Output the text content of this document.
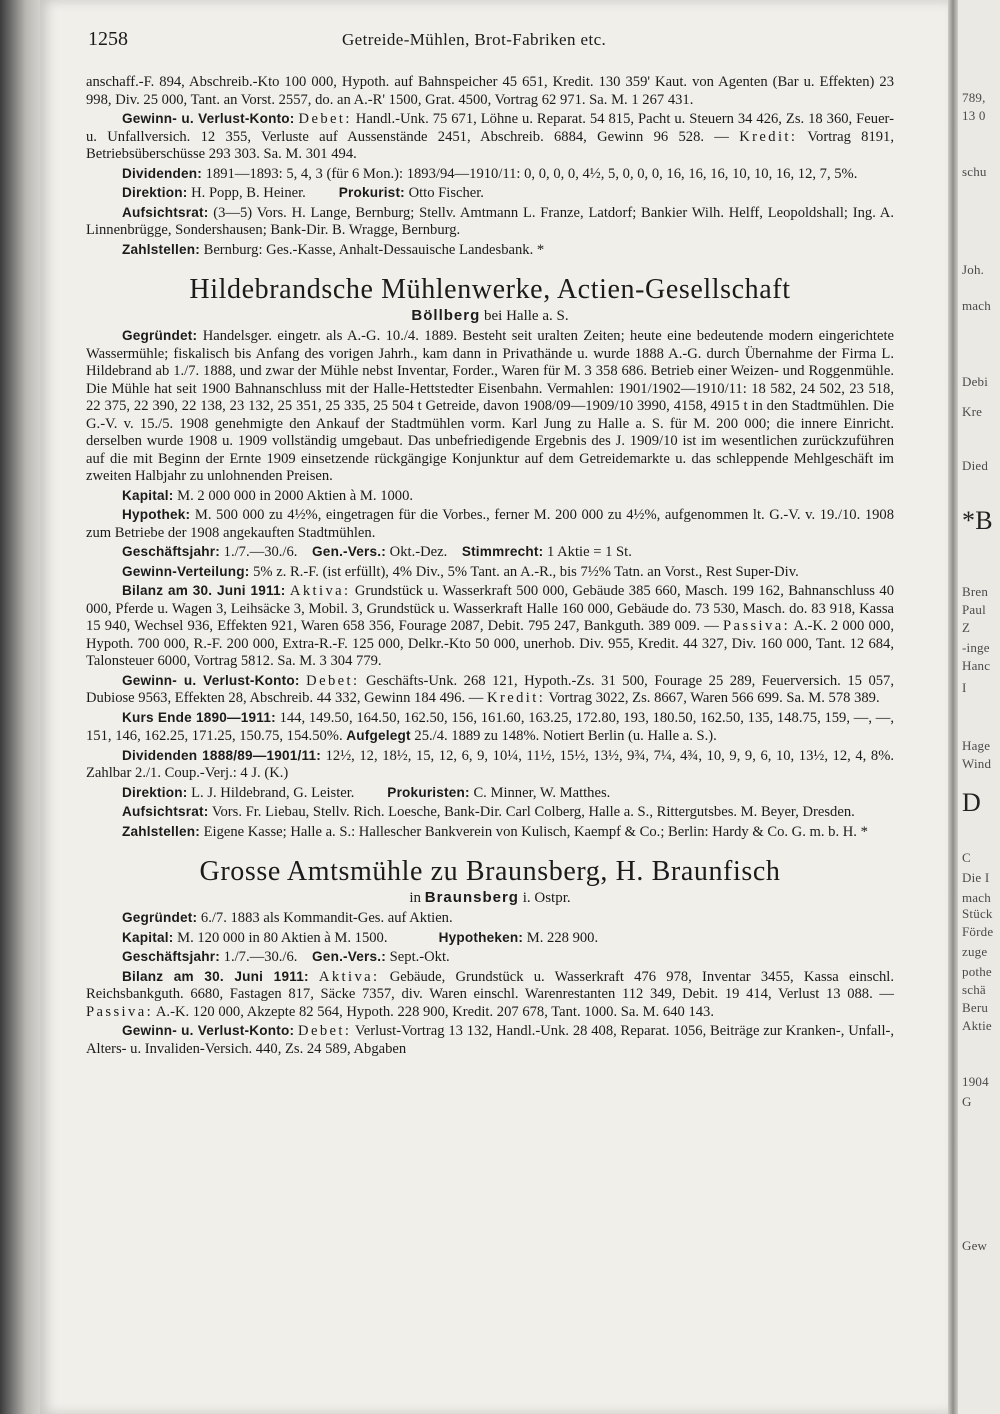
789,
13 0
schu
Joh.
mach
Debi
Kre
Died
*B
Bren
Paul
Z
-inge
Hanc
I
Hage
Wind
D
C
Die I
mach
Stück
Förde
zuge
pothe
schä
Beru
Aktie
1904
G
Gew
1258	Getreide-Mühlen, Brot-Fabriken etc.

anschaff.-F. 894, Abschreib.-Kto 100 000, Hypoth. auf Bahnspeicher 45 651, Kredit. 130 359' Kaut. von Agenten (Bar u. Effekten) 23 998, Div. 25 000, Tant. an Vorst. 2557, do. an A.-R' 1500, Grat. 4500, Vortrag 62 971. Sa. M. 1 267 431.

Gewinn- u. Verlust-Konto: Debet: Handl.-Unk. 75 671, Löhne u. Reparat. 54 815, Pacht u. Steuern 34 426, Zs. 18 360, Feuer- u. Unfallversich. 12 355, Verluste auf Aussenstände 2451, Abschreib. 6884, Gewinn 96 528. — Kredit: Vortrag 8191, Betriebsüberschüsse 293 303. Sa. M. 301 494.

Dividenden: 1891—1893: 5, 4, 3 (für 6 Mon.): 1893/94—1910/11: 0, 0, 0, 0, 4½, 5, 0, 0, 0, 16, 16, 16, 10, 10, 16, 12, 7, 5%.

Direktion: H. Popp, B. Heiner. Prokurist: Otto Fischer.

Aufsichtsrat: (3—5) Vors. H. Lange, Bernburg; Stellv. Amtmann L. Franze, Latdorf; Bankier Wilh. Helff, Leopoldshall; Ing. A. Linnenbrügge, Sondershausen; Bank-Dir. B. Wragge, Bernburg.

Zahlstellen: Bernburg: Ges.-Kasse, Anhalt-Dessauische Landesbank. *

Hildebrandsche Mühlenwerke, Actien-Gesellschaft
Böllberg bei Halle a. S.

Gegründet: Handelsger. eingetr. als A.-G. 10./4. 1889. Besteht seit uralten Zeiten; heute eine bedeutende modern eingerichtete Wassermühle; fiskalisch bis Anfang des vorigen Jahrh., kam dann in Privathände u. wurde 1888 A.-G. durch Übernahme der Firma L. Hildebrand ab 1./7. 1888, und zwar der Mühle nebst Inventar, Forder., Waren für M. 3 358 686. Betrieb einer Weizen- und Roggenmühle. Die Mühle hat seit 1900 Bahnanschluss mit der Halle-Hettstedter Eisenbahn. Vermahlen: 1901/1902—1910/11: 18 582, 24 502, 23 518, 22 375, 22 390, 22 138, 23 132, 25 351, 25 335, 25 504 t Getreide, davon 1908/09—1909/10 3990, 4158, 4915 t in den Stadtmühlen. Die G.-V. v. 15./5. 1908 genehmigte den Ankauf der Stadtmühlen vorm. Karl Jung zu Halle a. S. für M. 200 000; die innere Einricht. derselben wurde 1908 u. 1909 vollständig umgebaut. Das unbefriedigende Ergebnis des J. 1909/10 ist im wesentlichen zurückzuführen auf die mit Beginn der Ernte 1909 einsetzende rückgängige Konjunktur auf dem Getreidemarkte u. das schleppende Mehlgeschäft im zweiten Halbjahr zu unlohnenden Preisen.

Kapital: M. 2 000 000 in 2000 Aktien à M. 1000.

Hypothek: M. 500 000 zu 4½%, eingetragen für die Vorbes., ferner M. 200 000 zu 4½%, aufgenommen lt. G.-V. v. 19./10. 1908 zum Betriebe der 1908 angekauften Stadtmühlen.

Geschäftsjahr: 1./7.—30./6. Gen.-Vers.: Okt.-Dez. Stimmrecht: 1 Aktie = 1 St.

Gewinn-Verteilung: 5% z. R.-F. (ist erfüllt), 4% Div., 5% Tant. an A.-R., bis 7½% Tatn. an Vorst., Rest Super-Div.

Bilanz am 30. Juni 1911: Aktiva: Grundstück u. Wasserkraft 500 000, Gebäude 385 660, Masch. 199 162, Bahnanschluss 40 000, Pferde u. Wagen 3, Leihsäcke 3, Mobil. 3, Grundstück u. Wasserkraft Halle 160 000, Gebäude do. 73 530, Masch. do. 83 918, Kassa 15 940, Wechsel 936, Effekten 921, Waren 658 356, Fourage 2087, Debit. 795 247, Bankguth. 389 009. — Passiva: A.-K. 2 000 000, Hypoth. 700 000, R.-F. 200 000, Extra-R.-F. 125 000, Delkr.-Kto 50 000, unerhob. Div. 955, Kredit. 44 327, Div. 160 000, Tant. 12 684, Talonsteuer 6000, Vortrag 5812. Sa. M. 3 304 779.

Gewinn- u. Verlust-Konto: Debet: Geschäfts-Unk. 268 121, Hypoth.-Zs. 31 500, Fourage 25 289, Feuerversich. 15 057, Dubiose 9563, Effekten 28, Abschreib. 44 332, Gewinn 184 496. — Kredit: Vortrag 3022, Zs. 8667, Waren 566 699. Sa. M. 578 389.

Kurs Ende 1890—1911: 144, 149.50, 164.50, 162.50, 156, 161.60, 163.25, 172.80, 193, 180.50, 162.50, 135, 148.75, 159, —, —, 151, 146, 162.25, 171.25, 150.75, 154.50%. Aufgelegt 25./4. 1889 zu 148%. Notiert Berlin (u. Halle a. S.).

Dividenden 1888/89—1901/11: 12½, 12, 18½, 15, 12, 6, 9, 10¼, 11½, 15½, 13½, 9¾, 7¼, 4¾, 10, 9, 9, 6, 10, 13½, 12, 4, 8%. Zahlbar 2./1. Coup.-Verj.: 4 J. (K.)

Direktion: L. J. Hildebrand, G. Leister. Prokuristen: C. Minner, W. Matthes.

Aufsichtsrat: Vors. Fr. Liebau, Stellv. Rich. Loesche, Bank-Dir. Carl Colberg, Halle a. S., Rittergutsbes. M. Beyer, Dresden.

Zahlstellen: Eigene Kasse; Halle a. S.: Hallescher Bankverein von Kulisch, Kaempf & Co.; Berlin: Hardy & Co. G. m. b. H. *

Grosse Amtsmühle zu Braunsberg, H. Braunfisch
in Braunsberg i. Ostpr.

Gegründet: 6./7. 1883 als Kommandit-Ges. auf Aktien.

Kapital: M. 120 000 in 80 Aktien à M. 1500.	Hypotheken: M. 228 900.

Geschäftsjahr: 1./7.—30./6. Gen.-Vers.: Sept.-Okt.

Bilanz am 30. Juni 1911: Aktiva: Gebäude, Grundstück u. Wasserkraft 476 978, Inventar 3455, Kassa einschl. Reichsbankguth. 6680, Fastagen 817, Säcke 7357, div. Waren einschl. Warenrestanten 112 349, Debit. 19 414, Verlust 13 088. — Passiva: A.-K. 120 000, Akzepte 82 564, Hypoth. 228 900, Kredit. 207 678, Tant. 1000. Sa. M. 640 143.

Gewinn- u. Verlust-Konto: Debet: Verlust-Vortrag 13 132, Handl.-Unk. 28 408, Reparat. 1056, Beiträge zur Kranken-, Unfall-, Alters- u. Invaliden-Versich. 440, Zs. 24 589, Abgaben
